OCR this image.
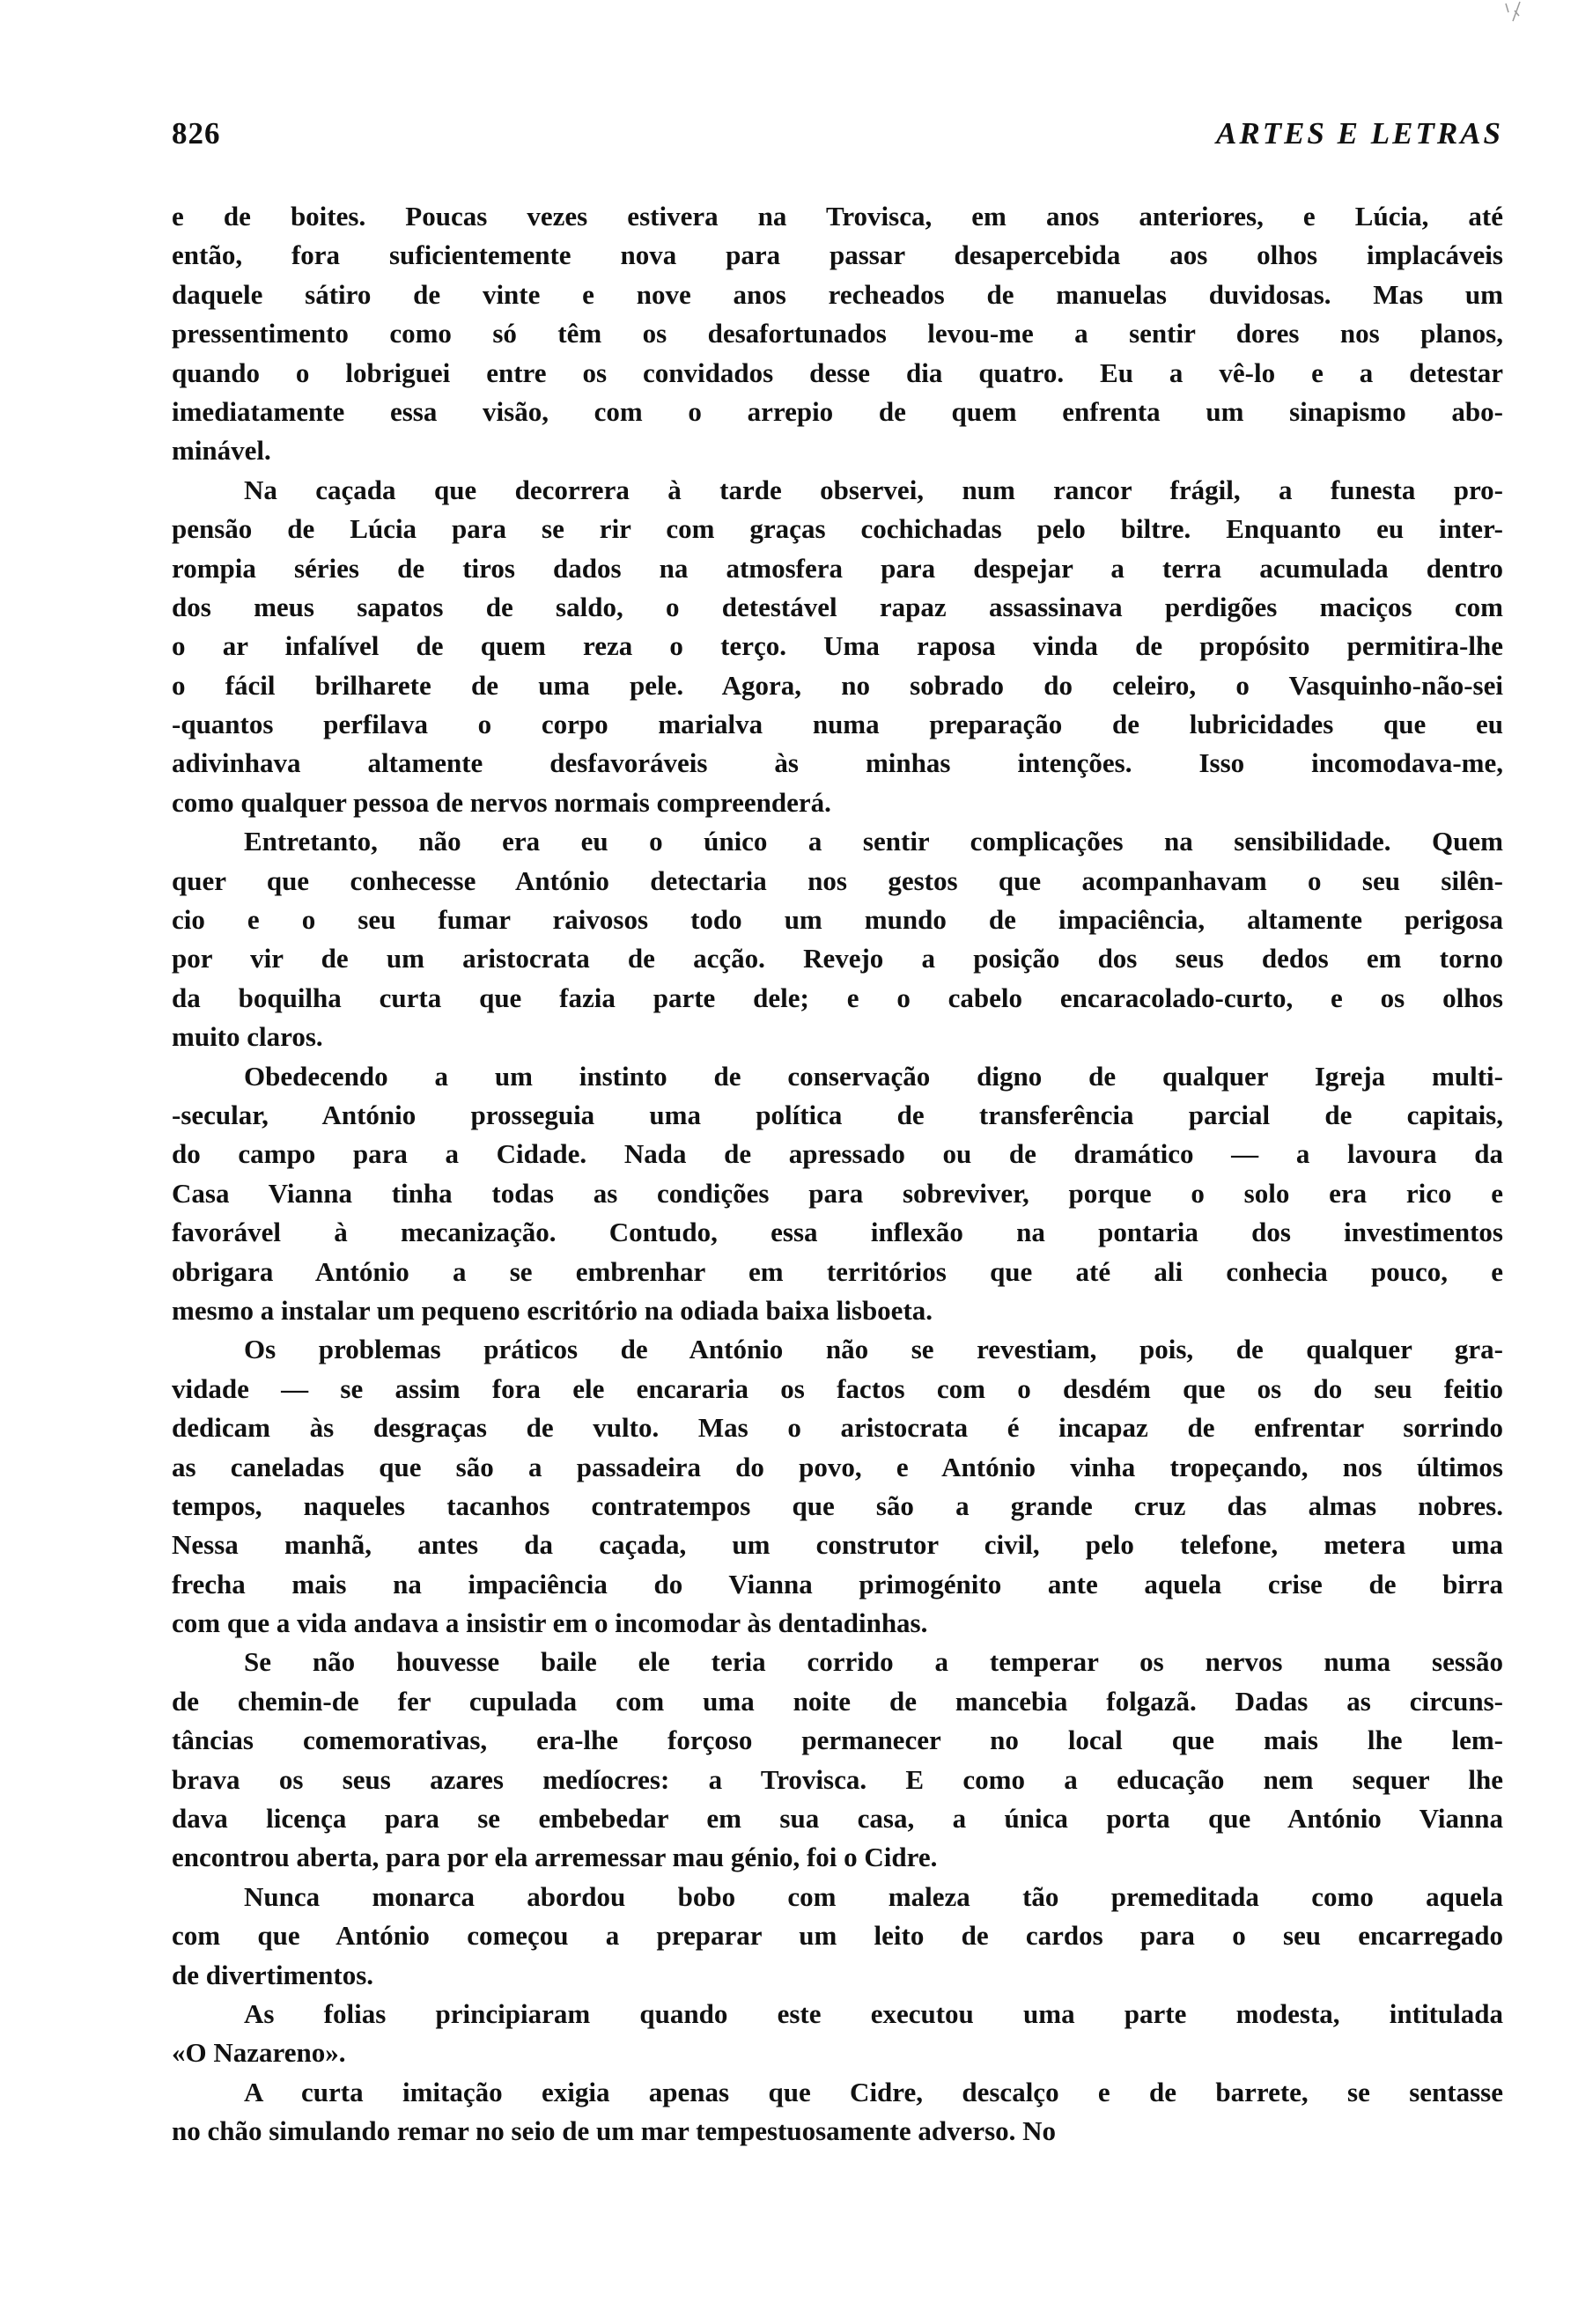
826	ARTES E LETRAS
e de boites. Poucas vezes estivera na Trovisca, em anos anteriores, e Lúcia, até
então, fora suficientemente nova para passar desapercebida aos olhos implacáveis
daquele sátiro de vinte e nove anos recheados de manuelas duvidosas. Mas um
pressentimento como só têm os desafortunados levou-me a sentir dores nos planos,
quando o lobriguei entre os convidados desse dia quatro. Eu a vê-lo e a detestar
imediatamente essa visão, com o arrepio de quem enfrenta um sinapismo abo-
minável.
Na caçada que decorrera à tarde observei, num rancor frágil, a funesta pro-
pensão de Lúcia para se rir com graças cochichadas pelo biltre. Enquanto eu inter-
rompia séries de tiros dados na atmosfera para despejar a terra acumulada dentro
dos meus sapatos de saldo, o detestável rapaz assassinava perdigões maciços com
o ar infalível de quem reza o terço. Uma raposa vinda de propósito permitira-lhe
o fácil brilharete de uma pele. Agora, no sobrado do celeiro, o Vasquinho-não-sei
-quantos perfilava o corpo marialva numa preparação de lubricidades que eu
adivinhava altamente desfavoráveis às minhas intenções. Isso incomodava-me,
como qualquer pessoa de nervos normais compreenderá.
Entretanto, não era eu o único a sentir complicações na sensibilidade. Quem
quer que conhecesse António detectaria nos gestos que acompanhavam o seu silên-
cio e o seu fumar raivosos todo um mundo de impaciência, altamente perigosa
por vir de um aristocrata de acção. Revejo a posição dos seus dedos em torno
da boquilha curta que fazia parte dele; e o cabelo encaracolado-curto, e os olhos
muito claros.
Obedecendo a um instinto de conservação digno de qualquer Igreja multi-
-secular, António prosseguia uma política de transferência parcial de capitais,
do campo para a Cidade. Nada de apressado ou de dramático — a lavoura da
Casa Vianna tinha todas as condições para sobreviver, porque o solo era rico e
favorável à mecanização. Contudo, essa inflexão na pontaria dos investimentos
obrigara António a se embrenhar em territórios que até ali conhecia pouco, e
mesmo a instalar um pequeno escritório na odiada baixa lisboeta.
Os problemas práticos de António não se revestiam, pois, de qualquer gra-
vidade — se assim fora ele encararia os factos com o desdém que os do seu feitio
dedicam às desgraças de vulto. Mas o aristocrata é incapaz de enfrentar sorrindo
as caneladas que são a passadeira do povo, e António vinha tropeçando, nos últimos
tempos, naqueles tacanhos contratempos que são a grande cruz das almas nobres.
Nessa manhã, antes da caçada, um construtor civil, pelo telefone, metera uma
frecha mais na impaciência do Vianna primogénito ante aquela crise de birra
com que a vida andava a insistir em o incomodar às dentadinhas.
Se não houvesse baile ele teria corrido a temperar os nervos numa sessão
de chemin-de fer cupulada com uma noite de mancebia folgazã. Dadas as circuns-
tâncias comemorativas, era-lhe forçoso permanecer no local que mais lhe lem-
brava os seus azares medíocres: a Trovisca. E como a educação nem sequer lhe
dava licença para se embebedar em sua casa, a única porta que António Vianna
encontrou aberta, para por ela arremessar mau génio, foi o Cidre.
Nunca monarca abordou bobo com maleza tão premeditada como aquela
com que António começou a preparar um leito de cardos para o seu encarregado
de divertimentos.
As folias principiaram quando este executou uma parte modesta, intitulada
«O Nazareno».
A curta imitação exigia apenas que Cidre, descalço e de barrete, se sentasse
no chão simulando remar no seio de um mar tempestuosamente adverso. No
